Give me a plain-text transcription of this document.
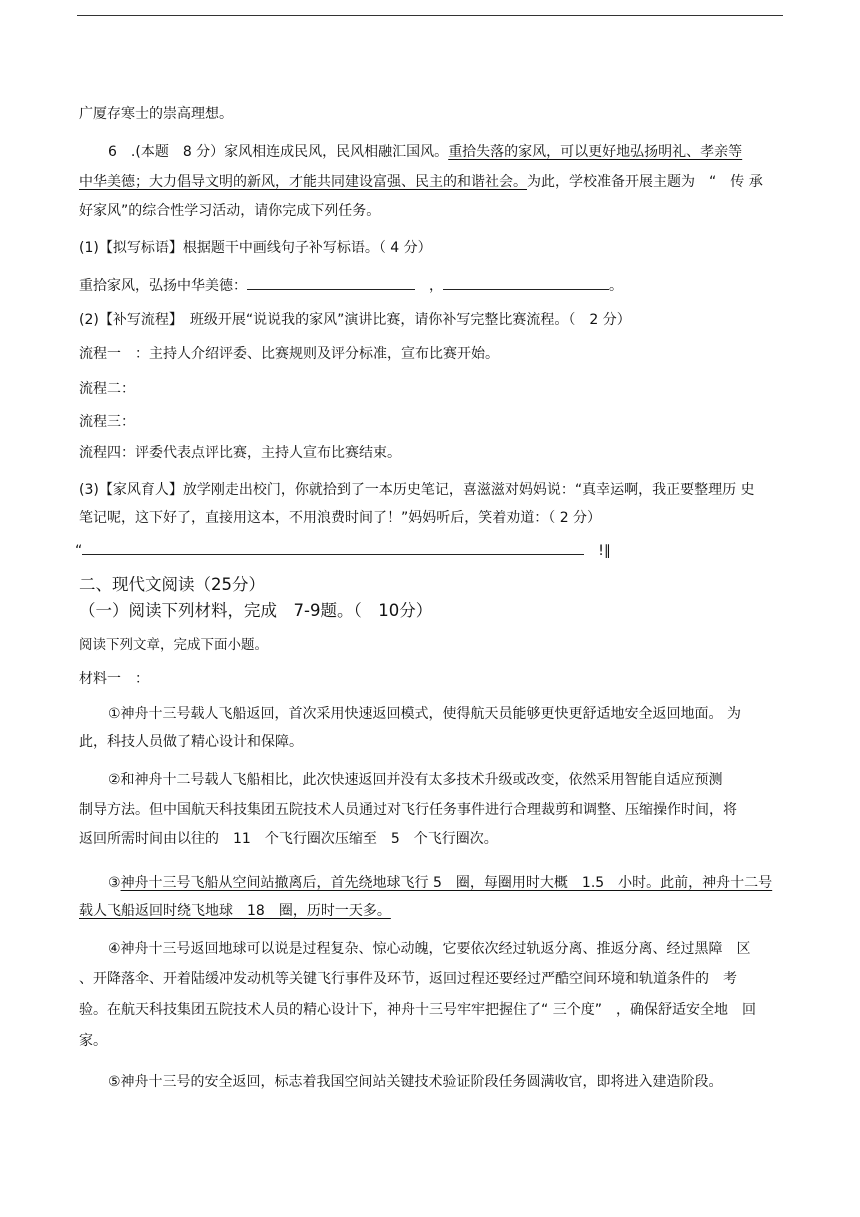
广厦存寒士的崇高理想。
6　.(本题　8 分）家风相连成民风，民风相融汇国风。重拾失落的家风，可以更好地弘扬明礼、孝亲等
中华美德；大力倡导文明的新风，才能共同建设富强、民主的和谐社会。为此，学校准备开展主题为　“　传 承
好家风”的综合性学习活动，请你完成下列任务。
(1)【拟写标语】根据题干中画线句子补写标语。（ 4 分）
重拾家风，弘扬中华美德：	　，	。
(2)【补写流程】　班级开展“说说我的家风”演讲比赛，请你补写完整比赛流程。（　2 分）
流程一　：主持人介绍评委、比赛规则及评分标准，宣布比赛开始。
流程二：
流程三：
流程四：评委代表点评比赛，主持人宣布比赛结束。
(3)【家风育人】放学刚走出校门，你就拾到了一本历史笔记，喜滋滋对妈妈说：“真幸运啊，我正要整理历 史
笔记呢，这下好了，直接用这本，不用浪费时间了！”妈妈听后，笑着劝道：（ 2 分）
“	!∥
二、现代文阅读（25分）
（一）阅读下列材料，完成　7-9题。（　10分）
阅读下列文章，完成下面小题。
材料一　：
①神舟十三号载人飞船返回，首次采用快速返回模式，使得航天员能够更快更舒适地安全返回地面。 为
此，科技人员做了精心设计和保障。
②和神舟十二号载人飞船相比，此次快速返回并没有太多技术升级或改变，依然采用智能自适应预测
制导方法。但中国航天科技集团五院技术人员通过对飞行任务事件进行合理裁剪和调整、压缩操作时间，将
返回所需时间由以往的　11　个飞行圈次压缩至　5　个飞行圈次。
③神舟十三号飞船从空间站撤离后，首先绕地球飞行 5　圈，每圈用时大概　1.5　小时。此前，神舟十二号
载人飞船返回时绕飞地球　18　圈，历时一天多。
④神舟十三号返回地球可以说是过程复杂、惊心动魄，它要依次经过轨返分离、推返分离、经过黑障　区
、开降落伞、开着陆缓冲发动机等关键飞行事件及环节，返回过程还要经过严酷空间环境和轨道条件的　考
验。在航天科技集团五院技术人员的精心设计下，神舟十三号牢牢把握住了“ 三个度”　，确保舒适安全地　回
家。
⑤神舟十三号的安全返回，标志着我国空间站关键技术验证阶段任务圆满收官，即将进入建造阶段。
